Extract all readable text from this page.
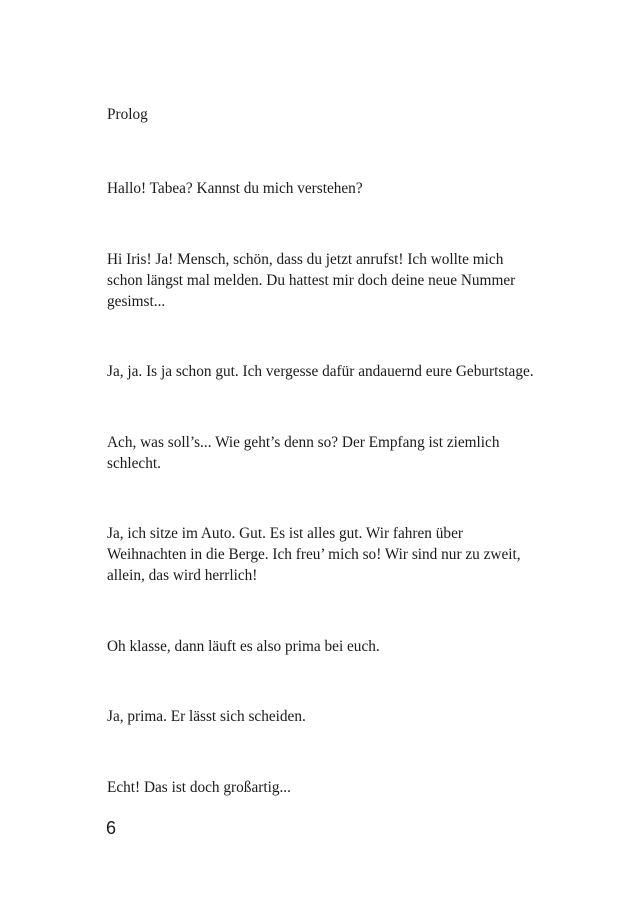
Prolog
Hallo! Tabea? Kannst du mich verstehen?
Hi Iris! Ja! Mensch, schön, dass du jetzt anrufst! Ich wollte mich
schon längst mal melden. Du hattest mir doch deine neue Nummer
gesimst...
Ja, ja. Is ja schon gut. Ich vergesse dafür andauernd eure Geburtstage.
Ach, was soll’s... Wie geht’s denn so? Der Empfang ist ziemlich
schlecht.
Ja, ich sitze im Auto. Gut. Es ist alles gut. Wir fahren über
Weihnachten in die Berge. Ich freu’ mich so! Wir sind nur zu zweit,
allein, das wird herrlich!
Oh klasse, dann läuft es also prima bei euch.
Ja, prima. Er lässt sich scheiden.
Echt! Das ist doch großartig...
6
